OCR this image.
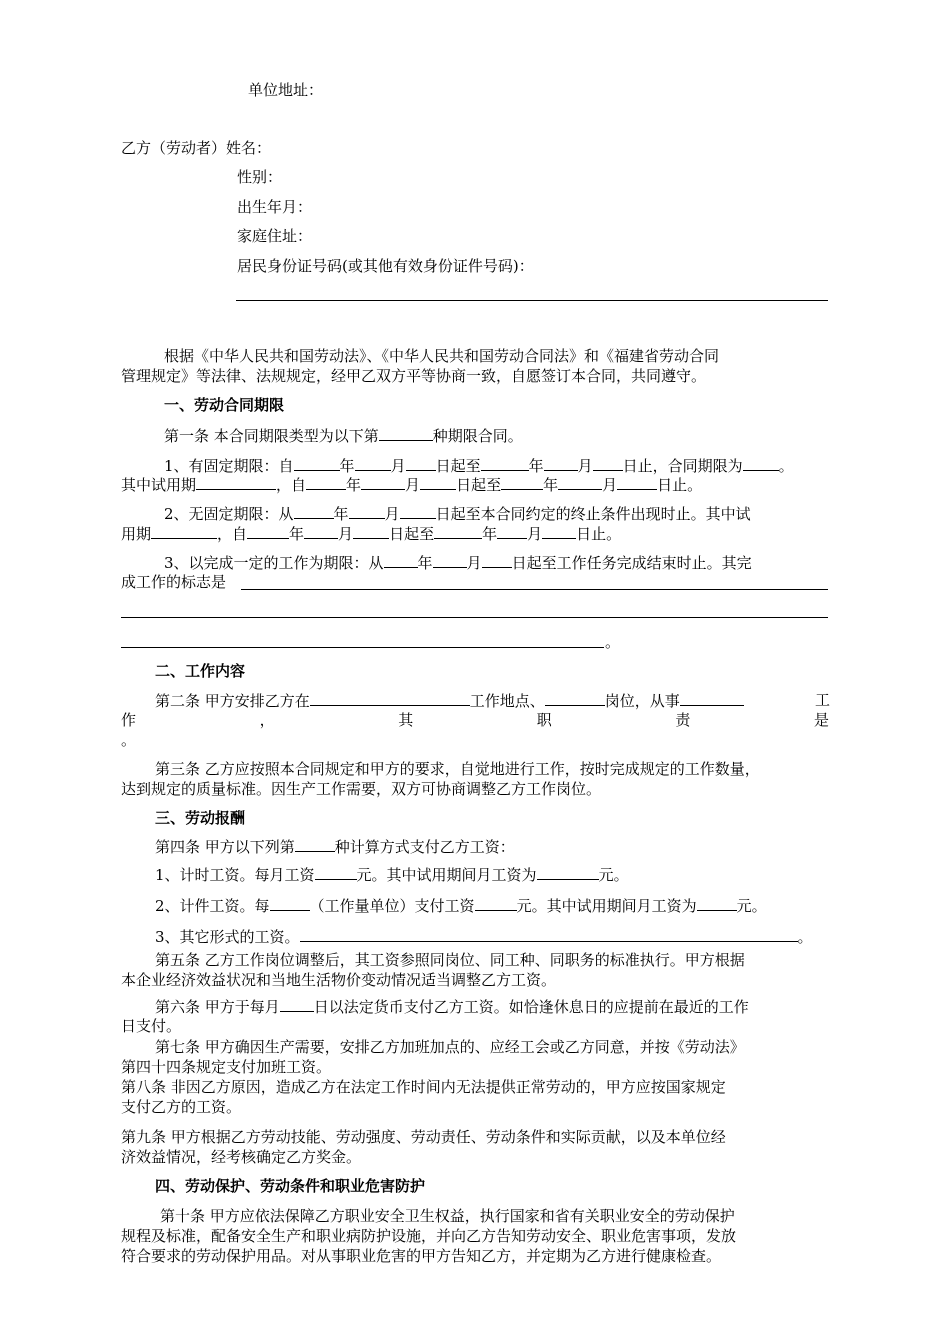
单位地址：
乙方（劳动者）姓名：
性别：
出生年月：
家庭住址：
居民身份证号码(或其他有效身份证件号码)：
根据《中华人民共和国劳动法》、《中华人民共和国劳动合同法》和《福建省劳动合同
管理规定》等法律、法规规定，经甲乙双方平等协商一致，自愿签订本合同，共同遵守。
一、劳动合同期限
第一条 本合同期限类型为以下第	种期限合同。
1、有固定期限：自	年 月 日起至	年 月 日止，合同期限为 。
其中试用期	，自	年	月 日起至	年	月	日止。
2、无固定期限：从	年 月 日起至本合同约定的终止条件出现时止。其中试
用期	，自	年 月 日起至	年 月 日止。
3、以完成一定的工作为期限：从 年 月 日起至工作任务完成结束时止。其完
成工作的标志是
。
二、工作内容
第二条 甲方安排乙方在	工作地点、	岗位，从事	工
作	，	其	职	责	是
。
第三条 乙方应按照本合同规定和甲方的要求，自觉地进行工作，按时完成规定的工作数量，
达到规定的质量标准。因生产工作需要，双方可协商调整乙方工作岗位。
三、劳动报酬
第四条 甲方以下列第	种计算方式支付乙方工资：
1、计时工资。每月工资	元。其中试用期间月工资为	元。
2、计件工资。每	（工作量单位）支付工资	元。其中试用期间月工资为	元。
3、其它形式的工资。	。
第五条 乙方工作岗位调整后，其工资参照同岗位、同工种、同职务的标准执行。甲方根据
本企业经济效益状况和当地生活物价变动情况适当调整乙方工资。
第六条 甲方于每月 日以法定货币支付乙方工资。如恰逢休息日的应提前在最近的工作
日支付。
第七条 甲方确因生产需要，安排乙方加班加点的、应经工会或乙方同意，并按《劳动法》
第四十四条规定支付加班工资。
第八条 非因乙方原因，造成乙方在法定工作时间内无法提供正常劳动的，甲方应按国家规定
支付乙方的工资。
第九条 甲方根据乙方劳动技能、劳动强度、劳动责任、劳动条件和实际贡献，以及本单位经
济效益情况，经考核确定乙方奖金。
四、劳动保护、劳动条件和职业危害防护
第十条 甲方应依法保障乙方职业安全卫生权益，执行国家和省有关职业安全的劳动保护
规程及标准，配备安全生产和职业病防护设施，并向乙方告知劳动安全、职业危害事项，发放
符合要求的劳动保护用品。对从事职业危害的甲方告知乙方，并定期为乙方进行健康检查。
